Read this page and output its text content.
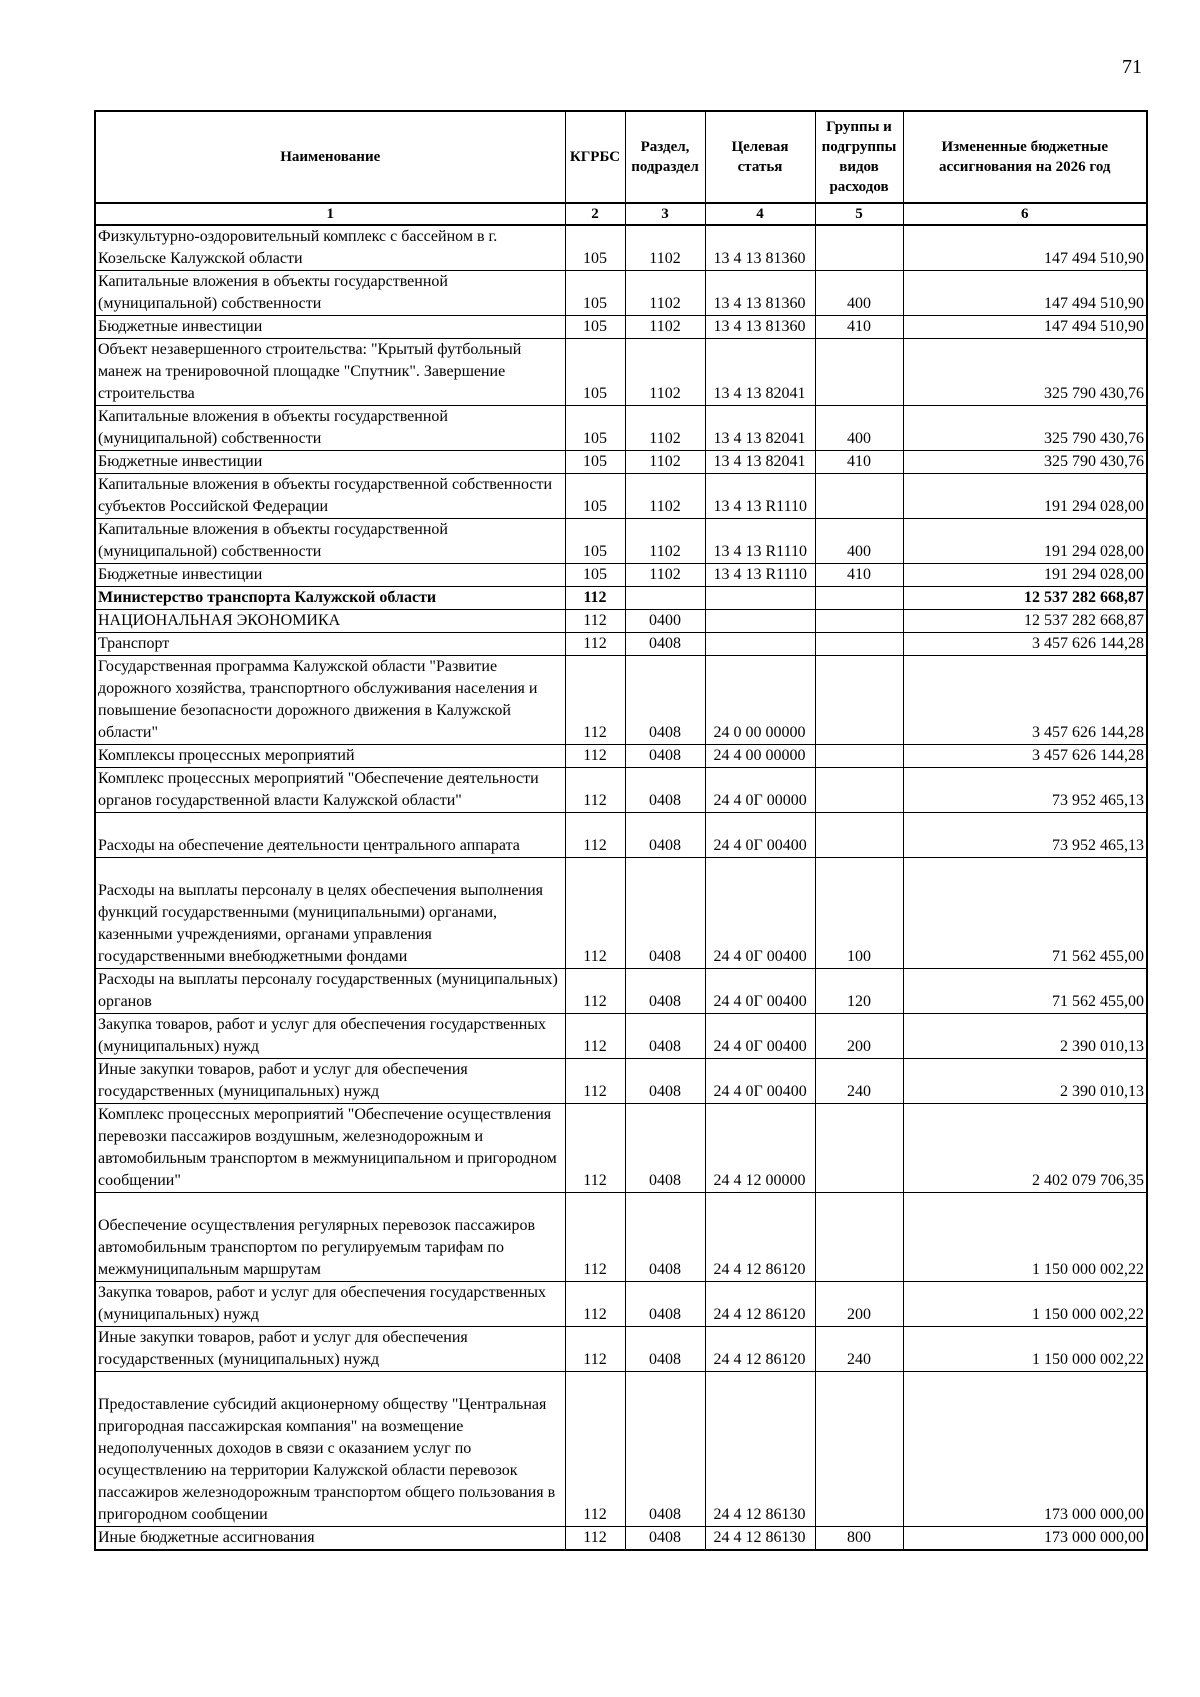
71
Наименование	КГРБС	Раздел, подраздел	Целевая статья	Группы и подгруппы видов расходов	Измененные бюджетные ассигнования на 2026 год
1	2	3	4	5	6
Физкультурно-оздоровительный комплекс с бассейном в г. Козельске Калужской области	105	1102	13 4 13 81360		147 494 510,90
Капитальные вложения в объекты государственной (муниципальной) собственности	105	1102	13 4 13 81360	400	147 494 510,90
Бюджетные инвестиции	105	1102	13 4 13 81360	410	147 494 510,90
Объект незавершенного строительства: "Крытый футбольный манеж на тренировочной площадке "Спутник". Завершение строительства	105	1102	13 4 13 82041		325 790 430,76
Капитальные вложения в объекты государственной (муниципальной) собственности	105	1102	13 4 13 82041	400	325 790 430,76
Бюджетные инвестиции	105	1102	13 4 13 82041	410	325 790 430,76
Капитальные вложения в объекты государственной собственности субъектов Российской Федерации	105	1102	13 4 13 R1110		191 294 028,00
Капитальные вложения в объекты государственной (муниципальной) собственности	105	1102	13 4 13 R1110	400	191 294 028,00
Бюджетные инвестиции	105	1102	13 4 13 R1110	410	191 294 028,00
Министерство транспорта Калужской области	112				12 537 282 668,87
НАЦИОНАЛЬНАЯ ЭКОНОМИКА	112	0400			12 537 282 668,87
Транспорт	112	0408			3 457 626 144,28
Государственная программа Калужской области "Развитие дорожного хозяйства, транспортного обслуживания населения и повышение безопасности дорожного движения в Калужской области"	112	0408	24 0 00 00000		3 457 626 144,28
Комплексы процессных мероприятий	112	0408	24 4 00 00000		3 457 626 144,28
Комплекс процессных мероприятий "Обеспечение деятельности органов государственной власти Калужской области"	112	0408	24 4 0Г 00000		73 952 465,13
Расходы на обеспечение деятельности центрального аппарата	112	0408	24 4 0Г 00400		73 952 465,13
Расходы на выплаты персоналу в целях обеспечения выполнения функций государственными (муниципальными) органами, казенными учреждениями, органами управления государственными внебюджетными фондами	112	0408	24 4 0Г 00400	100	71 562 455,00
Расходы на выплаты персоналу государственных (муниципальных) органов	112	0408	24 4 0Г 00400	120	71 562 455,00
Закупка товаров, работ и услуг для обеспечения государственных (муниципальных) нужд	112	0408	24 4 0Г 00400	200	2 390 010,13
Иные закупки товаров, работ и услуг для обеспечения государственных (муниципальных) нужд	112	0408	24 4 0Г 00400	240	2 390 010,13
Комплекс процессных мероприятий "Обеспечение осуществления перевозки пассажиров воздушным, железнодорожным и автомобильным транспортом в межмуниципальном и пригородном сообщении"	112	0408	24 4 12 00000		2 402 079 706,35
Обеспечение осуществления регулярных перевозок пассажиров автомобильным транспортом по регулируемым тарифам по межмуниципальным маршрутам	112	0408	24 4 12 86120		1 150 000 002,22
Закупка товаров, работ и услуг для обеспечения государственных (муниципальных) нужд	112	0408	24 4 12 86120	200	1 150 000 002,22
Иные закупки товаров, работ и услуг для обеспечения государственных (муниципальных) нужд	112	0408	24 4 12 86120	240	1 150 000 002,22
Предоставление субсидий акционерному обществу "Центральная пригородная пассажирская компания" на возмещение недополученных доходов в связи с оказанием услуг по осуществлению на территории Калужской области перевозок пассажиров железнодорожным транспортом общего пользования в пригородном сообщении	112	0408	24 4 12 86130		173 000 000,00
Иные бюджетные ассигнования	112	0408	24 4 12 86130	800	173 000 000,00
